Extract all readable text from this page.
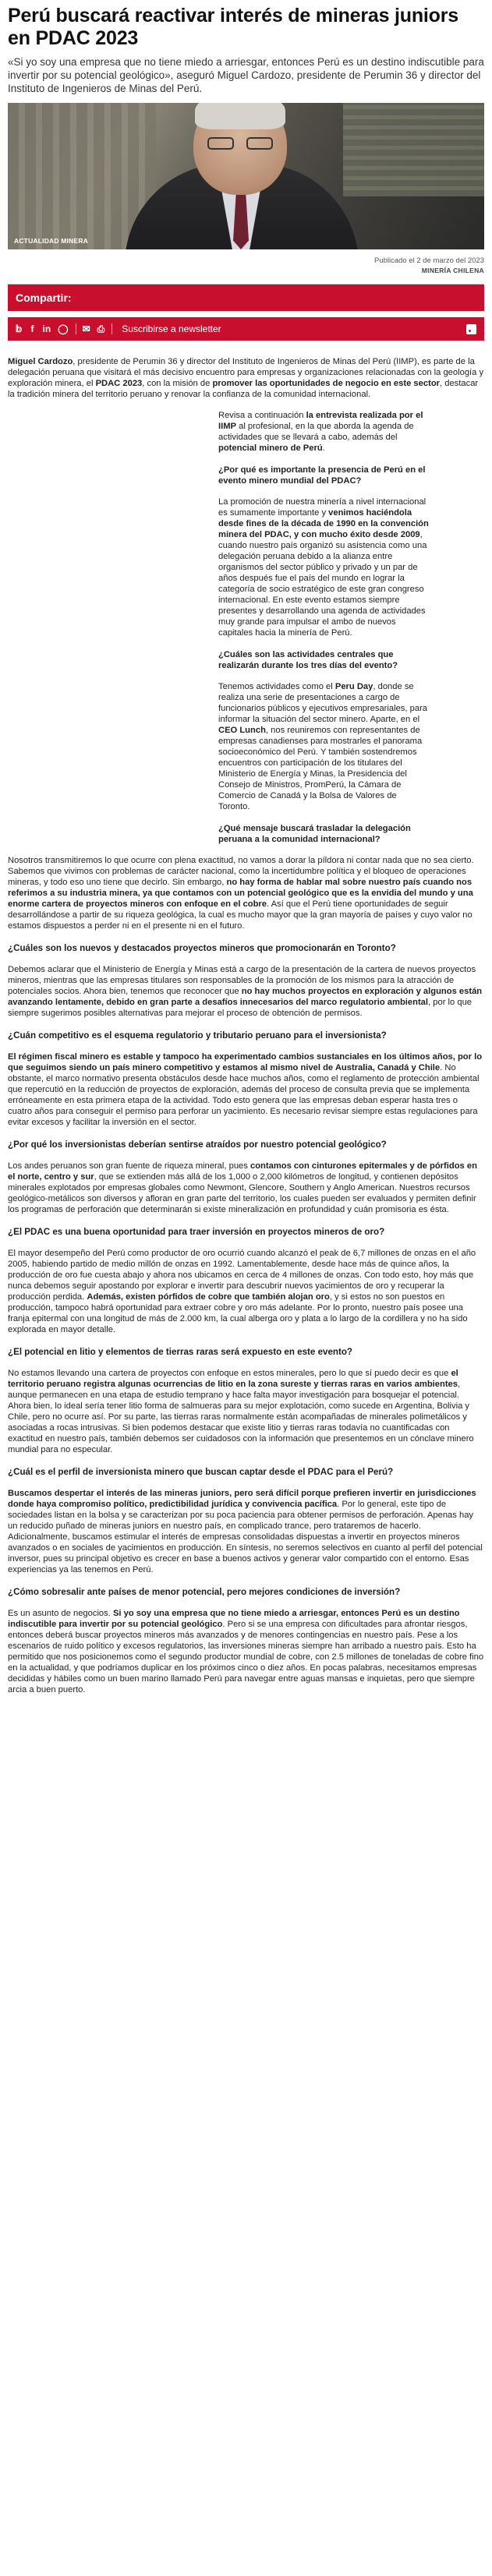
Perú buscará reactivar interés de mineras juniors en PDAC 2023

«Si yo soy una empresa que no tiene miedo a arriesgar, entonces Perú es un destino indiscutible para invertir por su potencial geológico», aseguró Miguel Cardozo, presidente de Perumin 36 y director del Instituto de Ingenieros de Minas del Perú.

ACTUALIDAD MINERA
Publicado el 2 de marzo del 2023
MINERÍA CHILENA
Compartir:
𝕓 f in ◯ ✉ ⎙ Suscribirse a newsletter

Miguel Cardozo, presidente de Perumin 36 y director del Instituto de Ingenieros de Minas del Perú (IIMP), es parte de la delegación peruana que visitará el más decisivo encuentro para empresas y organizaciones relacionadas con la geología y exploración minera, el PDAC 2023, con la misión de promover las oportunidades de negocio en este sector, destacar la tradición minera del territorio peruano y renovar la confianza de la comunidad internacional.

Revisa a continuación la entrevista realizada por el IIMP al profesional, en la que aborda la agenda de actividades que se llevará a cabo, además del potencial minero de Perú.

¿Por qué es importante la presencia de Perú en el evento minero mundial del PDAC?

La promoción de nuestra minería a nivel internacional es sumamente importante y venimos haciéndola desde fines de la década de 1990 en la convención minera del PDAC, y con mucho éxito desde 2009, cuando nuestro país organizó su asistencia como una delegación peruana debido a la alianza entre organismos del sector público y privado y un par de años después fue el país del mundo en lograr la categoría de socio estratégico de este gran congreso internacional. En este evento estamos siempre presentes y desarrollando una agenda de actividades muy grande para impulsar el ambo de nuevos capitales hacia la minería de Perú.

¿Cuáles son las actividades centrales que realizarán durante los tres días del evento?

Tenemos actividades como el Peru Day, donde se realiza una serie de presentaciones a cargo de funcionarios públicos y ejecutivos empresariales, para informar la situación del sector minero. Aparte, en el CEO Lunch, nos reuniremos con representantes de empresas canadienses para mostrarles el panorama socioeconómico del Perú. Y también sostendremos encuentros con participación de los titulares del Ministerio de Energía y Minas, la Presidencia del Consejo de Ministros, PromPerú, la Cámara de Comercio de Canadá y la Bolsa de Valores de Toronto.

¿Qué mensaje buscará trasladar la delegación peruana a la comunidad internacional?

Nosotros transmitiremos lo que ocurre con plena exactitud, no vamos a dorar la píldora ni contar nada que no sea cierto. Sabemos que vivimos con problemas de carácter nacional, como la incertidumbre política y el bloqueo de operaciones mineras, y todo eso uno tiene que decirlo. Sin embargo, no hay forma de hablar mal sobre nuestro país cuando nos referimos a su industria minera, ya que contamos con un potencial geológico que es la envidia del mundo y una enorme cartera de proyectos mineros con enfoque en el cobre. Así que el Perú tiene oportunidades de seguir desarrollándose a partir de su riqueza geológica, la cual es mucho mayor que la gran mayoría de países y cuyo valor no estamos dispuestos a perder ni en el presente ni en el futuro.

¿Cuáles son los nuevos y destacados proyectos mineros que promocionarán en Toronto?

Debemos aclarar que el Ministerio de Energía y Minas está a cargo de la presentación de la cartera de nuevos proyectos mineros, mientras que las empresas titulares son responsables de la promoción de los mismos para la atracción de potenciales socios. Ahora bien, tenemos que reconocer que no hay muchos proyectos en exploración y algunos están avanzando lentamente, debido en gran parte a desafíos innecesarios del marco regulatorio ambiental, por lo que siempre sugerimos posibles alternativas para mejorar el proceso de obtención de permisos.

¿Cuán competitivo es el esquema regulatorio y tributario peruano para el inversionista?

El régimen fiscal minero es estable y tampoco ha experimentado cambios sustanciales en los últimos años, por lo que seguimos siendo un país minero competitivo y estamos al mismo nivel de Australia, Canadá y Chile. No obstante, el marco normativo presenta obstáculos desde hace muchos años, como el reglamento de protección ambiental que repercutió en la reducción de proyectos de exploración, además del proceso de consulta previa que se implementa erróneamente en esta primera etapa de la actividad. Todo esto genera que las empresas deban esperar hasta tres o cuatro años para conseguir el permiso para perforar un yacimiento. Es necesario revisar siempre estas regulaciones para evitar excesos y facilitar la inversión en el sector.

¿Por qué los inversionistas deberían sentirse atraídos por nuestro potencial geológico?

Los andes peruanos son gran fuente de riqueza mineral, pues contamos con cinturones epitermales y de pórfidos en el norte, centro y sur, que se extienden más allá de los 1,000 o 2,000 kilómetros de longitud, y contienen depósitos minerales explotados por empresas globales como Newmont, Glencore, Southern y Anglo American. Nuestros recursos geológico-metálicos son diversos y afloran en gran parte del territorio, los cuales pueden ser evaluados y permiten definir los programas de perforación que determinarán si existe mineralización en profundidad y cuán promisoria es ésta.

¿El PDAC es una buena oportunidad para traer inversión en proyectos mineros de oro?

El mayor desempeño del Perú como productor de oro ocurrió cuando alcanzó el peak de 6,7 millones de onzas en el año 2005, habiendo partido de medio millón de onzas en 1992. Lamentablemente, desde hace más de quince años, la producción de oro fue cuesta abajo y ahora nos ubicamos en cerca de 4 millones de onzas. Con todo esto, hoy más que nunca debemos seguir apostando por explorar e invertir para descubrir nuevos yacimientos de oro y recuperar la producción perdida. Además, existen pórfidos de cobre que también alojan oro, y si estos no son puestos en producción, tampoco habrá oportunidad para extraer cobre y oro más adelante. Por lo pronto, nuestro país posee una franja epitermal con una longitud de más de 2.000 km, la cual alberga oro y plata a lo largo de la cordillera y no ha sido explorada en mayor detalle.

¿El potencial en litio y elementos de tierras raras será expuesto en este evento?

No estamos llevando una cartera de proyectos con enfoque en estos minerales, pero lo que sí puedo decir es que el territorio peruano registra algunas ocurrencias de litio en la zona sureste y tierras raras en varios ambientes, aunque permanecen en una etapa de estudio temprano y hace falta mayor investigación para bosquejar el potencial. Ahora bien, lo ideal sería tener litio forma de salmueras para su mejor explotación, como sucede en Argentina, Bolivia y Chile, pero no ocurre así. Por su parte, las tierras raras normalmente están acompañadas de minerales polimetálicos y asociadas a rocas intrusivas. Si bien podemos destacar que existe litio y tierras raras todavía no cuantificadas con exactitud en nuestro país, también debemos ser cuidadosos con la información que presentemos en un cónclave minero mundial para no especular.

¿Cuál es el perfil de inversionista minero que buscan captar desde el PDAC para el Perú?

Buscamos despertar el interés de las mineras juniors, pero será difícil porque prefieren invertir en jurisdicciones donde haya compromiso político, predictibilidad jurídica y convivencia pacífica. Por lo general, este tipo de sociedades listan en la bolsa y se caracterizan por su poca paciencia para obtener permisos de perforación. Apenas hay un reducido puñado de mineras juniors en nuestro país, en complicado trance, pero trataremos de hacerlo. Adicionalmente, buscamos estimular el interés de empresas consolidadas dispuestas a invertir en proyectos mineros avanzados o en sociales de yacimientos en producción. En síntesis, no seremos selectivos en cuanto al perfil del potencial inversor, pues su principal objetivo es crecer en base a buenos activos y generar valor compartido con el entorno. Esas experiencias ya las tenemos en Perú.

¿Cómo sobresalir ante países de menor potencial, pero mejores condiciones de inversión?

Es un asunto de negocios. Si yo soy una empresa que no tiene miedo a arriesgar, entonces Perú es un destino indiscutible para invertir por su potencial geológico. Pero si se una empresa con dificultades para afrontar riesgos, entonces deberá buscar proyectos mineros más avanzados y de menores contingencias en nuestro país. Pese a los escenarios de ruido político y excesos regulatorios, las inversiones mineras siempre han arribado a nuestro país. Esto ha permitido que nos posicionemos como el segundo productor mundial de cobre, con 2.5 millones de toneladas de cobre fino en la actualidad, y que podríamos duplicar en los próximos cinco o diez años. En pocas palabras, necesitamos empresas decididas y hábiles como un buen marino llamado Perú para navegar entre aguas mansas e inquietas, pero que siempre arcia a buen puerto.
